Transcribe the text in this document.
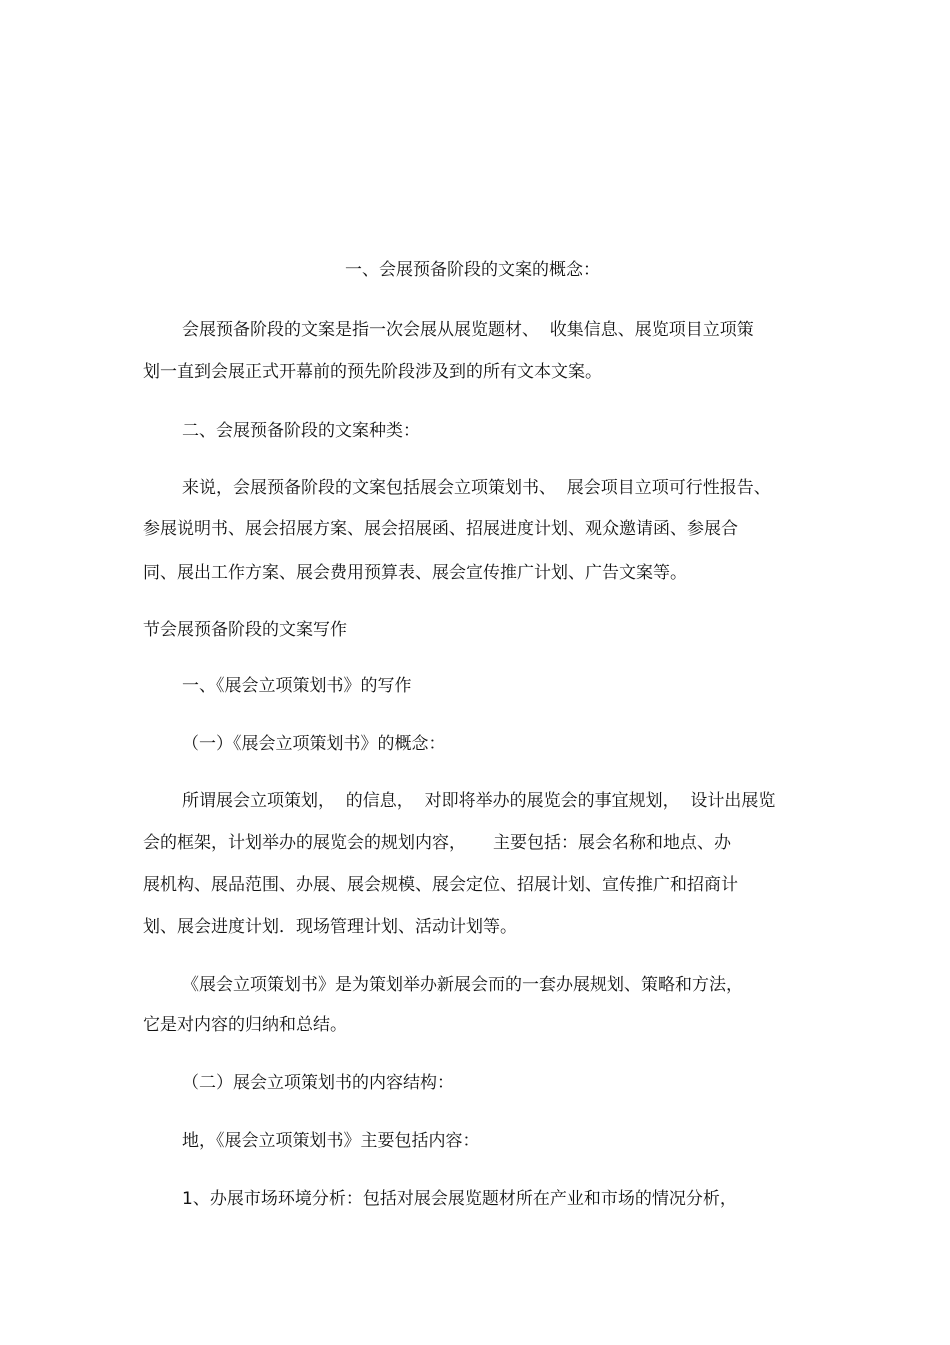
一、会展预备阶段的文案的概念：
会展预备阶段的文案是指一次会展从展览题材、  收集信息、展览项目立项策
划一直到会展正式开幕前的预先阶段涉及到的所有文本文案。
二、会展预备阶段的文案种类：
来说，会展预备阶段的文案包括展会立项策划书、  展会项目立项可行性报告、
参展说明书、展会招展方案、展会招展函、招展进度计划、观众邀请函、参展合
同、展出工作方案、展会费用预算表、展会宣传推广计划、广告文案等。
节会展预备阶段的文案写作
一、《展会立项策划书》的写作
（一）《展会立项策划书》的概念：
所谓展会立项策划，  的信息，  对即将举办的展览会的事宜规划，  设计出展览
会的框架，计划举办的展览会的规划内容，     主要包括：展会名称和地点、办
展机构、展品范围、办展、展会规模、展会定位、招展计划、宣传推广和招商计
划、展会进度计划．现场管理计划、活动计划等。
《展会立项策划书》是为策划举办新展会而的一套办展规划、策略和方法，
它是对内容的归纳和总结。
（二）展会立项策划书的内容结构：
地，《展会立项策划书》主要包括内容：
1、办展市场环境分析：包括对展会展览题材所在产业和市场的情况分析，
